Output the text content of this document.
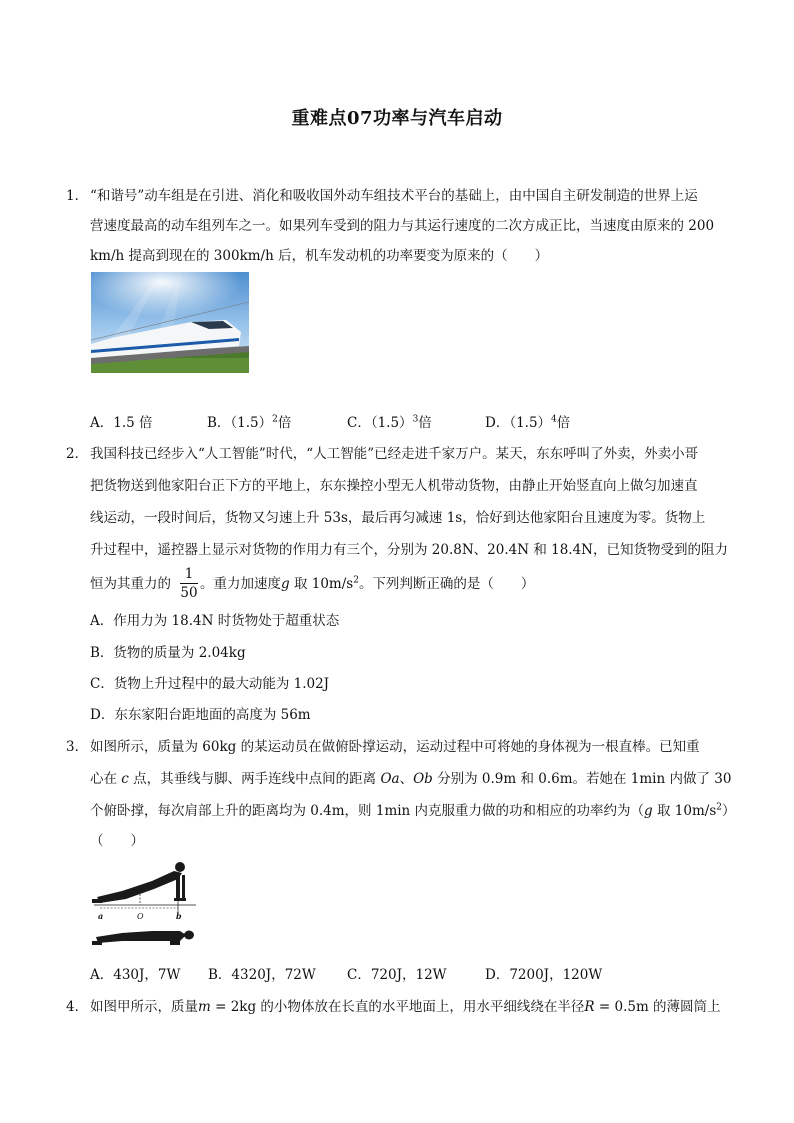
重难点07功率与汽车启动
1． “和谐号”动车组是在引进、消化和吸收国外动车组技术平台的基础上，由中国自主研发制造的世界上运
营速度最高的动车组列车之一。如果列车受到的阻力与其运行速度的二次方成正比，当速度由原来的 200
km/h 提高到现在的 300km/h 后，机车发动机的功率要变为原来的（　　）
A．1.5 倍	B．$(1.5)^2$倍	C．$(1.5)^3$倍	D．$(1.5)^4$倍
2． 我国科技已经步入“人工智能”时代，“人工智能”已经走进千家万户。某天，东东呼叫了外卖，外卖小哥
把货物送到他家阳台正下方的平地上，东东操控小型无人机带动货物，由静止开始竖直向上做匀加速直
线运动，一段时间后，货物又匀速上升 53s，最后再匀减速 1s，恰好到达他家阳台且速度为零。货物上
升过程中，遥控器上显示对货物的作用力有三个，分别为 20.8N、20.4N 和 18.4N，已知货物受到的阻力
恒为其重力的
1
50
。重力加速度g 取 $10m/s^2$。下列判断正确的是（　　）
A．作用力为 18.4N 时货物处于超重状态
B．货物的质量为 2.04kg
C．货物上升过程中的最大动能为 1.02J
D．东东家阳台距地面的高度为 56m
3． 如图所示，质量为 60kg 的某运动员在做俯卧撑运动，运动过程中可将她的身体视为一根直棒。已知重
心在 c 点，其垂线与脚、两手连线中点间的距离 Oa、Ob 分别为 0.9m 和 0.6m。若她在 1min 内做了 30
个俯卧撑，每次肩部上升的距离均为 0.4m，则 1min 内克服重力做的功和相应的功率约为（g 取 $10m/s^2$）
（　　）
a	O	b
A．430J，7W B．4320J，72W C．720J，12W	D．7200J，120W
4． 如图甲所示，质量m = 2kg 的小物体放在长直的水平地面上，用水平细线绕在半径R = 0.5m 的薄圆筒上
